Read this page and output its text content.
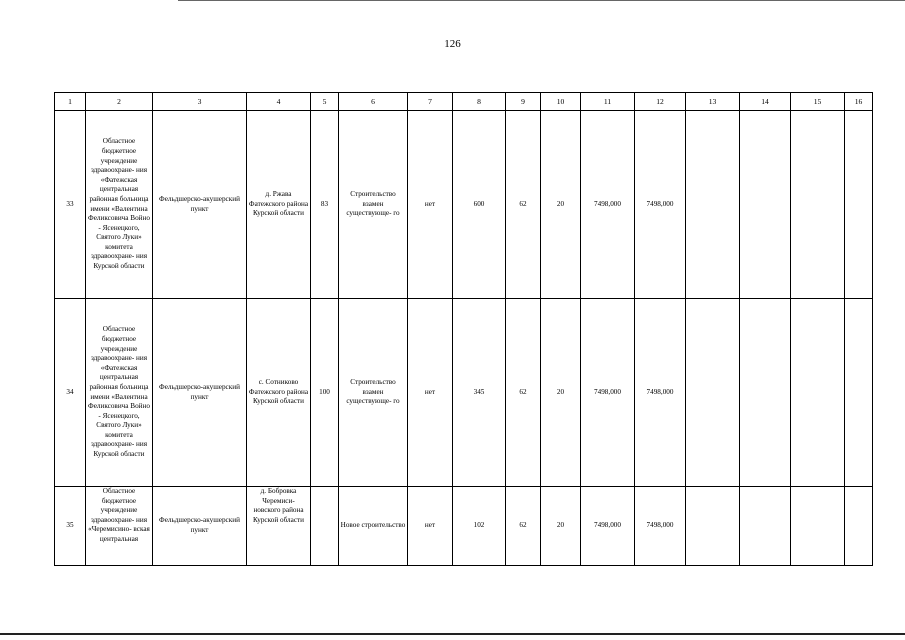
126
1	2	3	4	5	6	7	8	9	10	11	12	13	14	15	16
33	Областное бюджетное учреждение здравоохране- ния «Фатежская центральная районная больница имени «Валентина Феликсовича Войно - Ясенецкого, Святого Луки» комитета здравоохране- ния Курской области	Фельдшерско-акушерский пункт	д. Ржава Фатежского района Курской области	83	Строительство взамен существующе- го	нет	600	62	20	7498,000	7498,000				
34	Областное бюджетное учреждение здравоохране- ния «Фатежская центральная районная больница имени «Валентина Феликсовича Войно - Ясенецкого, Святого Луки» комитета здравоохране- ния Курской области	Фельдшерско-акушерский пункт	с. Сотниково Фатежского района Курской области	100	Строительство взамен существующе- го	нет	345	62	20	7498,000	7498,000				
35	Областное бюджетное учреждение здравоохране- ния «Черемисино- вская центральная	Фельдшерско-акушерский пункт	д. Бобровка Черемиси- новского района Курской области		Новое строительство	нет	102	62	20	7498,000	7498,000				
